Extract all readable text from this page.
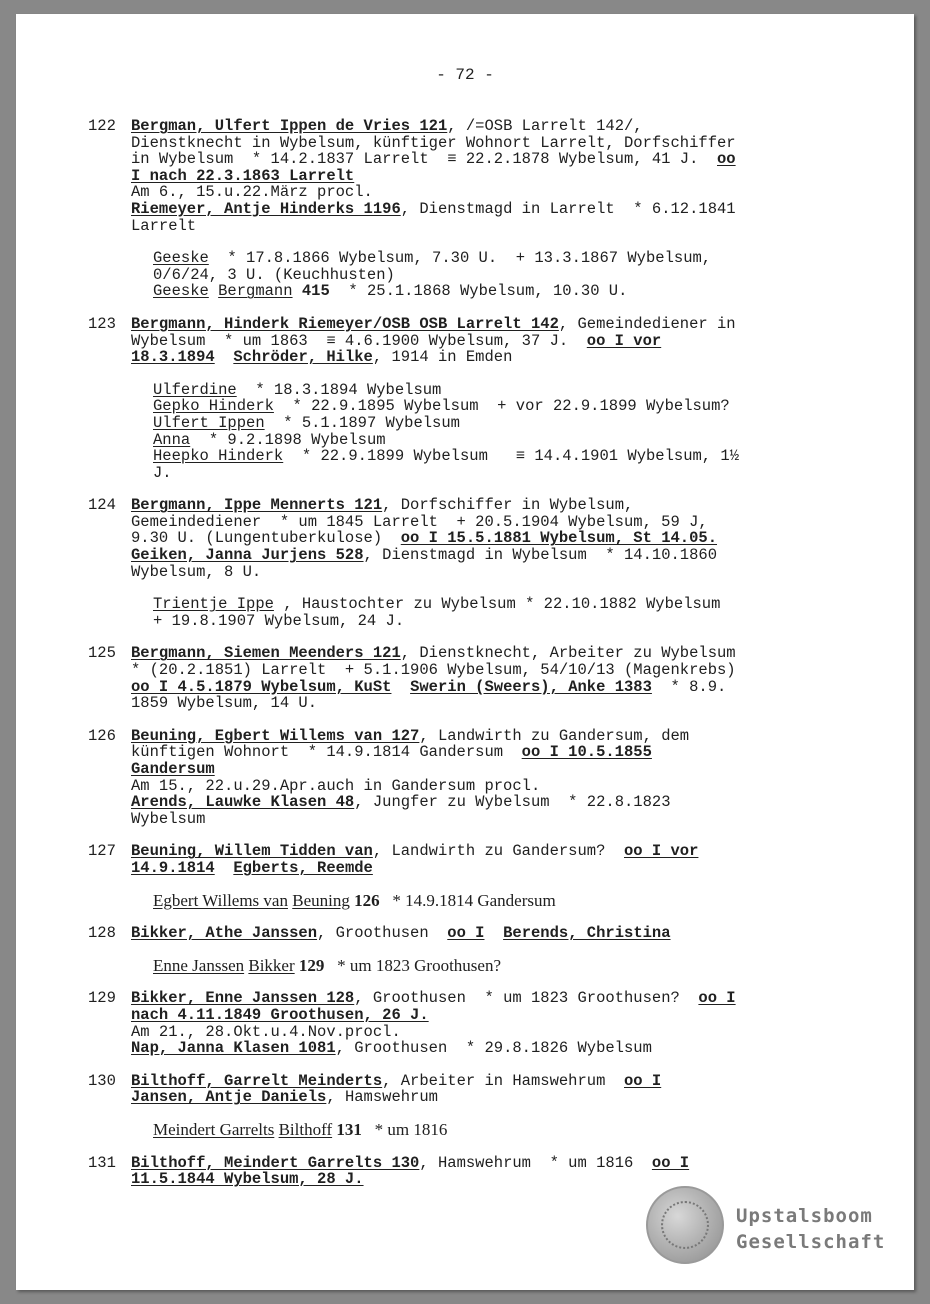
- 72 -
122 Bergman, Ulfert Ippen de Vries 121, /=OSB Larrelt 142/,
Dienstknecht in Wybelsum, künftiger Wohnort Larrelt, Dorfschiffer
in Wybelsum  * 14.2.1837 Larrelt  ≡ 22.2.1878 Wybelsum, 41 J.  oo
I nach 22.3.1863 Larrelt
Am 6., 15.u.22.März procl.
Riemeyer, Antje Hinderks 1196, Dienstmagd in Larrelt  * 6.12.1841
Larrelt
Geeske  * 17.8.1866 Wybelsum, 7.30 U.  + 13.3.1867 Wybelsum,
0/6/24, 3 U. (Keuchhusten)
Geeske Bergmann 415  * 25.1.1868 Wybelsum, 10.30 U.
123 Bergmann, Hinderk Riemeyer/OSB OSB Larrelt 142, Gemeindediener in
Wybelsum  * um 1863  ≡ 4.6.1900 Wybelsum, 37 J.  oo I vor
18.3.1894 Schröder, Hilke, 1914 in Emden
Ulferdine  * 18.3.1894 Wybelsum
Gepko Hinderk  * 22.9.1895 Wybelsum  + vor 22.9.1899 Wybelsum?
Ulfert Ippen  * 5.1.1897 Wybelsum
Anna  * 9.2.1898 Wybelsum
Heepko Hinderk  * 22.9.1899 Wybelsum   ≡ 14.4.1901 Wybelsum, 1½
J.
124 Bergmann, Ippe Mennerts 121, Dorfschiffer in Wybelsum,
Gemeindediener  * um 1845 Larrelt  + 20.5.1904 Wybelsum, 59 J,
9.30 U. (Lungentuberkulose)  oo I 15.5.1881 Wybelsum, St 14.05.
Geiken, Janna Jurjens 528, Dienstmagd in Wybelsum  * 14.10.1860
Wybelsum, 8 U.
Trientje Ippe , Haustochter zu Wybelsum * 22.10.1882 Wybelsum
+ 19.8.1907 Wybelsum, 24 J.
125 Bergmann, Siemen Meenders 121, Dienstknecht, Arbeiter zu Wybelsum
* (20.2.1851) Larrelt  + 5.1.1906 Wybelsum, 54/10/13 (Magenkrebs)
oo I 4.5.1879 Wybelsum, KuSt Swerin (Sweers), Anke 1383  * 8.9.
1859 Wybelsum, 14 U.
126 Beuning, Egbert Willems van 127, Landwirth zu Gandersum, dem
künftigen Wohnort  * 14.9.1814 Gandersum  oo I 10.5.1855
Gandersum
Am 15., 22.u.29.Apr.auch in Gandersum procl.
Arends, Lauwke Klasen 48, Jungfer zu Wybelsum  * 22.8.1823
Wybelsum
127 Beuning, Willem Tidden van, Landwirth zu Gandersum?  oo I vor
14.9.1814 Egberts, Reemde
Egbert Willems van Beuning 126   * 14.9.1814 Gandersum
128 Bikker, Athe Janssen, Groothusen  oo I Berends, Christina
Enne Janssen Bikker 129   * um 1823 Groothusen?
129 Bikker, Enne Janssen 128, Groothusen  * um 1823 Groothusen?  oo I
nach 4.11.1849 Groothusen, 26 J.
Am 21., 28.Okt.u.4.Nov.procl.
Nap, Janna Klasen 1081, Groothusen  * 29.8.1826 Wybelsum
130 Bilthoff, Garrelt Meinderts, Arbeiter in Hamswehrum  oo I
Jansen, Antje Daniels, Hamswehrum
Meindert Garrelts Bilthoff 131   * um 1816
131 Bilthoff, Meindert Garrelts 130, Hamswehrum  * um 1816  oo I
11.5.1844 Wybelsum, 28 J.
Upstalsboom
Gesellschaft
